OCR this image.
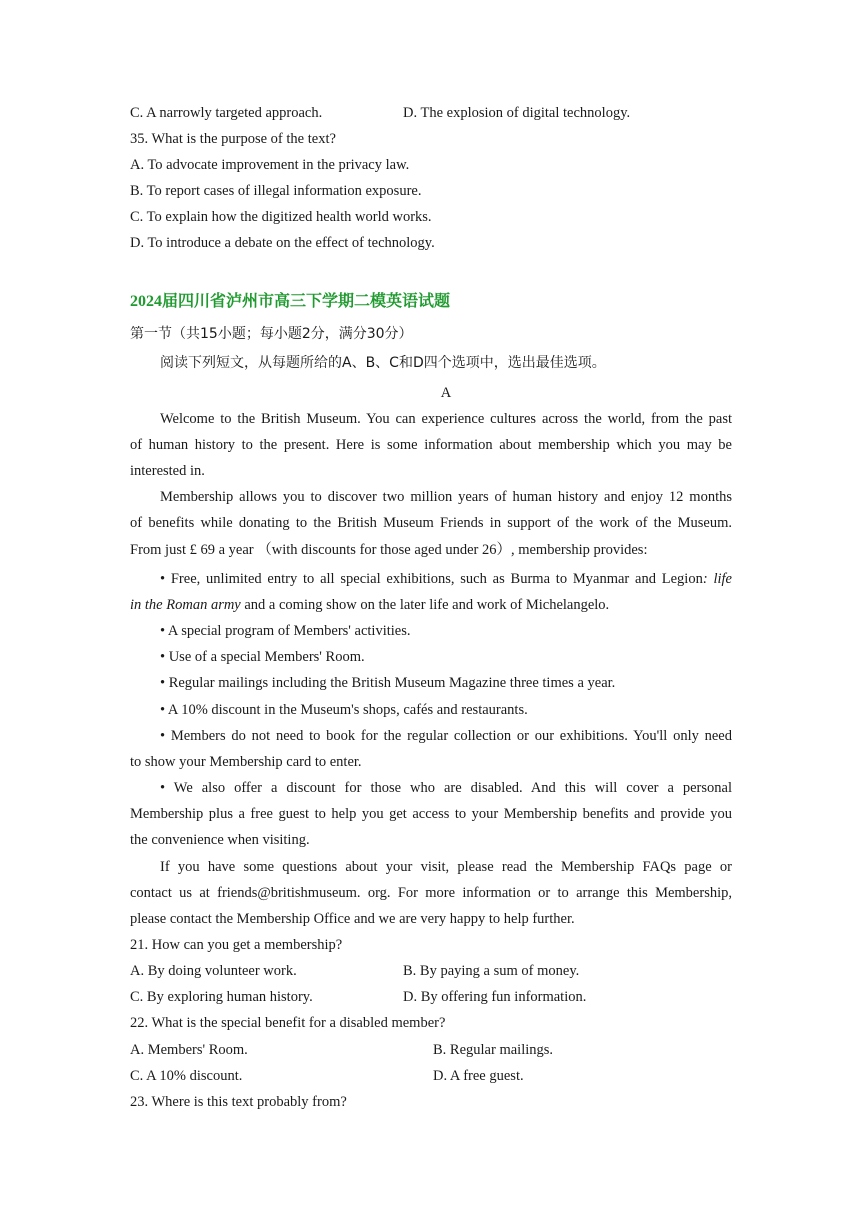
C. A narrowly targeted approach.	D. The explosion of digital technology.
35. What is the purpose of the text?
A. To advocate improvement in the privacy law.
B. To report cases of illegal information exposure.
C. To explain how the digitized health world works.
D. To introduce a debate on the effect of technology.
2024届四川省泸州市高三下学期二模英语试题
第一节（共15小题；每小题2分，满分30分）
阅读下列短文，从每题所给的A、B、C和D四个选项中，选出最佳选项。
A
Welcome to the British Museum. You can experience cultures across the world, from the past
of human history to the present. Here is some information about membership which you may be
interested in.
Membership allows you to discover two million years of human history and enjoy 12 months
of benefits while donating to the British Museum Friends in support of the work of the Museum.
From just £ 69 a year （with discounts for those aged under 26）, membership provides:
• Free, unlimited entry to all special exhibitions, such as Burma to Myanmar and Legion: life
in the Roman army and a coming show on the later life and work of Michelangelo.
• A special program of Members' activities.
• Use of a special Members' Room.
• Regular mailings including the British Museum Magazine three times a year.
• A 10% discount in the Museum's shops, cafés and restaurants.
• Members do not need to book for the regular collection or our exhibitions. You'll only need
to show your Membership card to enter.
• We also offer a discount for those who are disabled. And this will cover a personal
Membership plus a free guest to help you get access to your Membership benefits and provide you
the convenience when visiting.
If you have some questions about your visit, please read the Membership FAQs page or
contact us at friends@britishmuseum. org. For more information or to arrange this Membership,
please contact the Membership Office and we are very happy to help further.
21. How can you get a membership?
A. By doing volunteer work.	B. By paying a sum of money.
C. By exploring human history.	D. By offering fun information.
22. What is the special benefit for a disabled member?
A. Members' Room.	B. Regular mailings.
C. A 10% discount.	D. A free guest.
23. Where is this text probably from?
